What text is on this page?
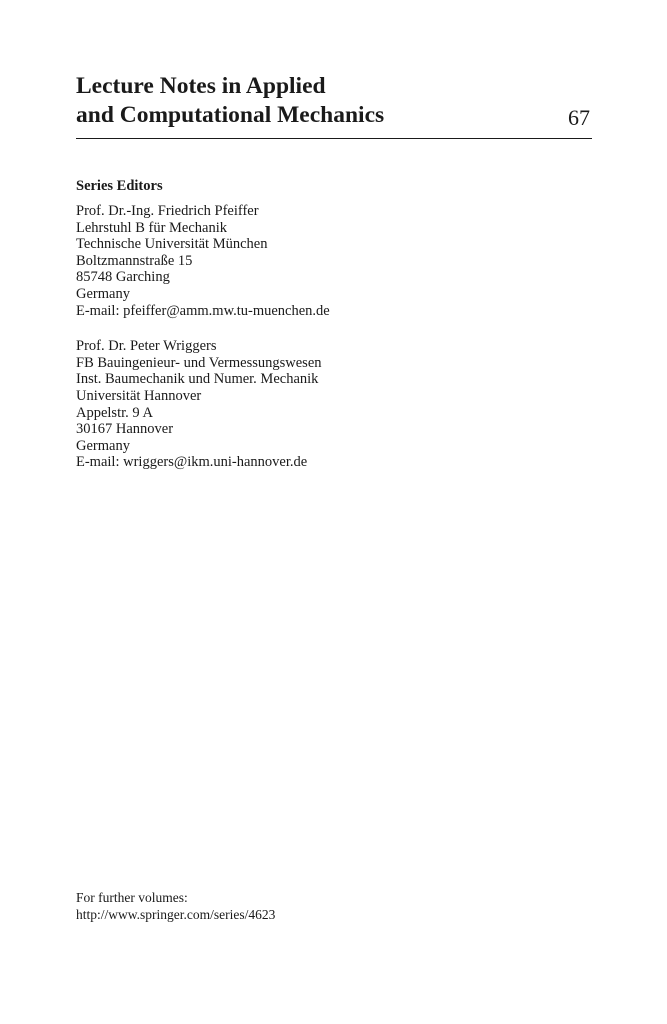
Lecture Notes in Applied
and Computational Mechanics	67
Series Editors
Prof. Dr.-Ing. Friedrich Pfeiffer
Lehrstuhl B für Mechanik
Technische Universität München
Boltzmannstraße 15
85748 Garching
Germany
E-mail: pfeiffer@amm.mw.tu-muenchen.de
Prof. Dr. Peter Wriggers
FB Bauingenieur- und Vermessungswesen
Inst. Baumechanik und Numer. Mechanik
Universität Hannover
Appelstr. 9 A
30167 Hannover
Germany
E-mail: wriggers@ikm.uni-hannover.de
For further volumes:
http://www.springer.com/series/4623
